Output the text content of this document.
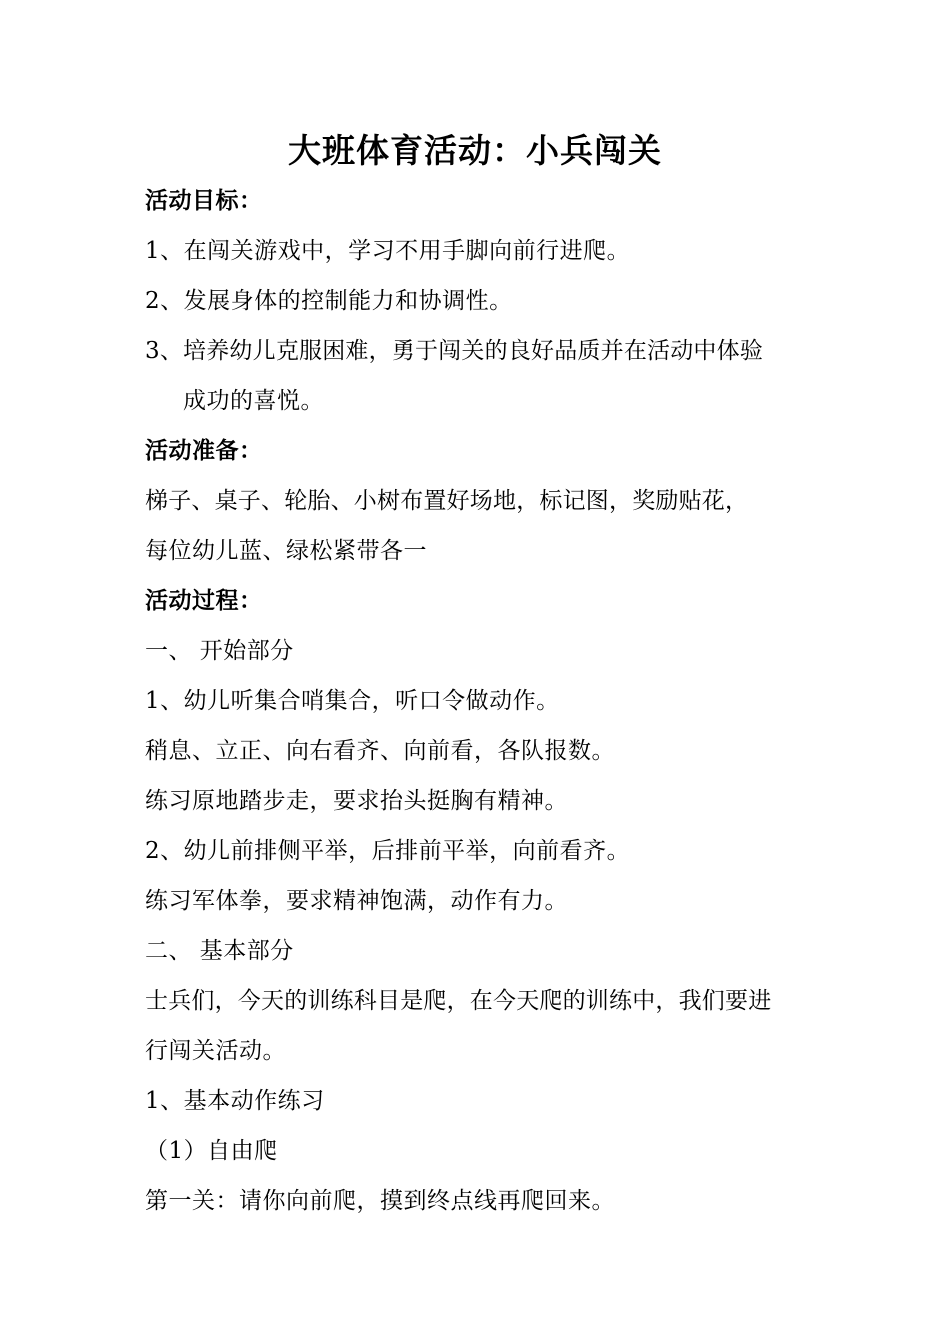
大班体育活动：小兵闯关
活动目标：
1、在闯关游戏中，学习不用手脚向前行进爬。
2、发展身体的控制能力和协调性。
3、培养幼儿克服困难，勇于闯关的良好品质并在活动中体验
成功的喜悦。
活动准备：
梯子、桌子、轮胎、小树布置好场地，标记图，奖励贴花，
每位幼儿蓝、绿松紧带各一
活动过程：
一、 开始部分
1、幼儿听集合哨集合，听口令做动作。
稍息、立正、向右看齐、向前看，各队报数。
练习原地踏步走，要求抬头挺胸有精神。
2、幼儿前排侧平举，后排前平举，向前看齐。
练习军体拳，要求精神饱满，动作有力。
二、 基本部分
士兵们，今天的训练科目是爬，在今天爬的训练中，我们要进
行闯关活动。
1、基本动作练习
（1）自由爬
第一关：请你向前爬，摸到终点线再爬回来。
